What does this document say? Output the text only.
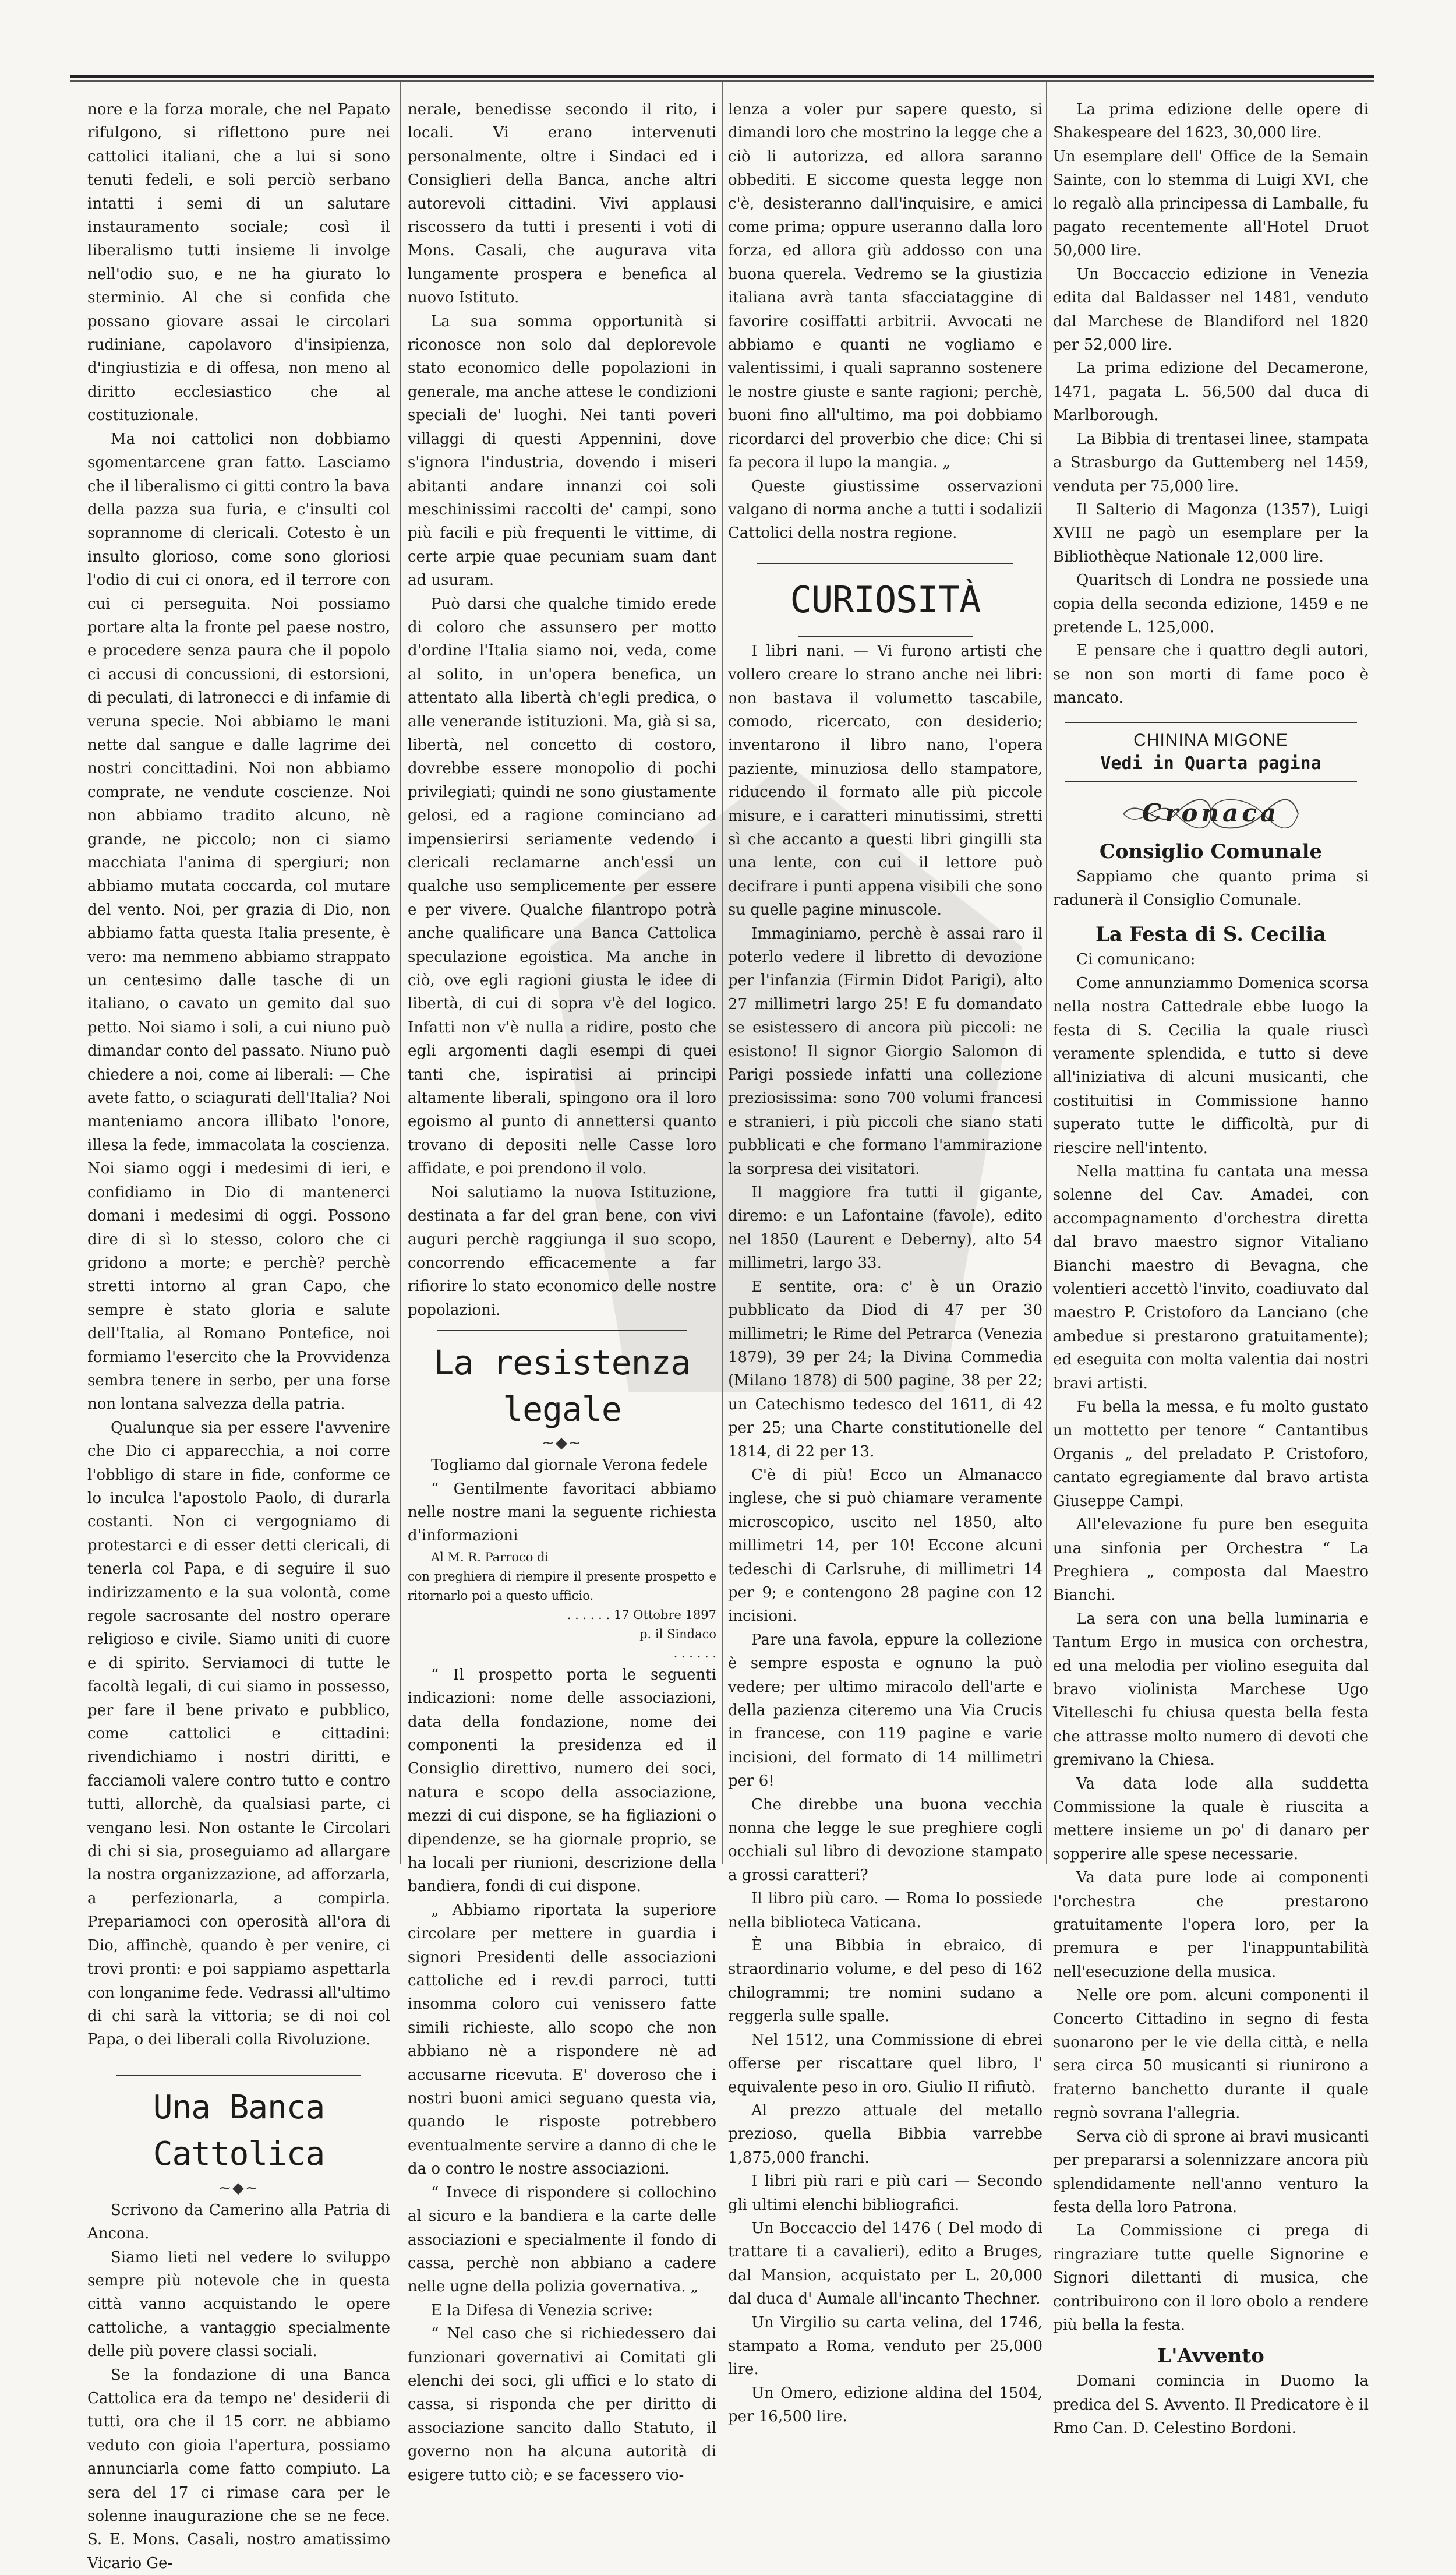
nore e la forza morale, che nel Papato rifulgono, si riflettono pure nei cattolici italiani, che a lui si sono tenuti fedeli, e soli perciò serbano intatti i semi di un salutare instauramento sociale; così il liberalismo tutti insieme li involge nell'odio suo, e ne ha giurato lo sterminio. Al che si confida che possano giovare assai le circolari rudiniane, capolavoro d'insipienza, d'ingiustizia e di offesa, non meno al diritto ecclesiastico che al costituzionale.

Ma noi cattolici non dobbiamo sgomentarcene gran fatto. Lasciamo che il liberalismo ci gitti contro la bava della pazza sua furia, e c'insulti col soprannome di clericali. Cotesto è un insulto glorioso, come sono gloriosi l'odio di cui ci onora, ed il terrore con cui ci perseguita. Noi possiamo portare alta la fronte pel paese nostro, e procedere senza paura che il popolo ci accusi di concussioni, di estorsioni, di peculati, di latronecci e di infamie di veruna specie. Noi abbiamo le mani nette dal sangue e dalle lagrime dei nostri concittadini. Noi non abbiamo comprate, ne vendute coscienze. Noi non abbiamo tradito alcuno, nè grande, ne piccolo; non ci siamo macchiata l'anima di spergiuri; non abbiamo mutata coccarda, col mutare del vento. Noi, per grazia di Dio, non abbiamo fatta questa Italia presente, è vero: ma nemmeno abbiamo strappato un centesimo dalle tasche di un italiano, o cavato un gemito dal suo petto. Noi siamo i soli, a cui niuno può dimandar conto del passato. Niuno può chiedere a noi, come ai liberali: — Che avete fatto, o sciagurati dell'Italia? Noi manteniamo ancora illibato l'onore, illesa la fede, immacolata la coscienza. Noi siamo oggi i medesimi di ieri, e confidiamo in Dio di mantenerci domani i medesimi di oggi. Possono dire di sì lo stesso, coloro che ci gridono a morte; e perchè? perchè stretti intorno al gran Capo, che sempre è stato gloria e salute dell'Italia, al Romano Pontefice, noi formiamo l'esercito che la Provvidenza sembra tenere in serbo, per una forse non lontana salvezza della patria.

Qualunque sia per essere l'avvenire che Dio ci apparecchia, a noi corre l'obbligo di stare in fide, conforme ce lo inculca l'apostolo Paolo, di durarla costanti. Non ci vergogniamo di protestarci e di esser detti clericali, di tenerla col Papa, e di seguire il suo indirizzamento e la sua volontà, come regole sacrosante del nostro operare religioso e civile. Siamo uniti di cuore e di spirito. Serviamoci di tutte le facoltà legali, di cui siamo in possesso, per fare il bene privato e pubblico, come cattolici e cittadini: rivendichiamo i nostri diritti, e facciamoli valere contro tutto e contro tutti, allorchè, da qualsiasi parte, ci vengano lesi. Non ostante le Circolari di chi si sia, proseguiamo ad allargare la nostra organizzazione, ad afforzarla, a perfezionarla, a compirla. Prepariamoci con operosità all'ora di Dio, affinchè, quando è per venire, ci trovi pronti: e poi sappiamo aspettarla con longanime fede. Vedrassi all'ultimo di chi sarà la vittoria; se di noi col Papa, o dei liberali colla Rivoluzione.

Una Banca Cattolica
~◆~

Scrivono da Camerino alla Patria di Ancona.

Siamo lieti nel vedere lo sviluppo sempre più notevole che in questa città vanno acquistando le opere cattoliche, a vantaggio specialmente delle più povere classi sociali.

Se la fondazione di una Banca Cattolica era da tempo ne' desiderii di tutti, ora che il 15 corr. ne abbiamo veduto con gioia l'apertura, possiamo annunciarla come fatto compiuto. La sera del 17 ci rimase cara per le solenne inaugurazione che se ne fece. S. E. Mons. Casali, nostro amatissimo Vicario Ge-

nerale, benedisse secondo il rito, i locali. Vi erano intervenuti personalmente, oltre i Sindaci ed i Consiglieri della Banca, anche altri autorevoli cittadini. Vivi applausi riscossero da tutti i presenti i voti di Mons. Casali, che augurava vita lungamente prospera e benefica al nuovo Istituto.

La sua somma opportunità si riconosce non solo dal deplorevole stato economico delle popolazioni in generale, ma anche attese le condizioni speciali de' luoghi. Nei tanti poveri villaggi di questi Appennini, dove s'ignora l'industria, dovendo i miseri abitanti andare innanzi coi soli meschinissimi raccolti de' campi, sono più facili e più frequenti le vittime, di certe arpie quae pecuniam suam dant ad usuram.

Può darsi che qualche timido erede di coloro che assunsero per motto d'ordine l'Italia siamo noi, veda, come al solito, in un'opera benefica, un attentato alla libertà ch'egli predica, o alle venerande istituzioni. Ma, già si sa, libertà, nel concetto di costoro, dovrebbe essere monopolio di pochi privilegiati; quindi ne sono giustamente gelosi, ed a ragione cominciano ad impensierirsi seriamente vedendo i clericali reclamarne anch'essi un qualche uso semplicemente per essere e per vivere. Qualche filantropo potrà anche qualificare una Banca Cattolica speculazione egoistica. Ma anche in ciò, ove egli ragioni giusta le idee di libertà, di cui di sopra v'è del logico. Infatti non v'è nulla a ridire, posto che egli argomenti dagli esempi di quei tanti che, ispiratisi ai principi altamente liberali, spingono ora il loro egoismo al punto di annettersi quanto trovano di depositi nelle Casse loro affidate, e poi prendono il volo.

Noi salutiamo la nuova Istituzione, destinata a far del gran bene, con vivi auguri perchè raggiunga il suo scopo, concorrendo efficacemente a far rifiorire lo stato economico delle nostre popolazioni.

La resistenza legale
~◆~

Togliamo dal giornale Verona fedele

“ Gentilmente favoritaci abbiamo nelle nostre mani la seguente richiesta d'informazioni

Al M. R. Parroco di

con preghiera di riempire il presente prospetto e ritornarlo poi a questo ufficio.

. . . . . . 17 Ottobre 1897

p. il Sindaco

. . . . . .

“ Il prospetto porta le seguenti indicazioni: nome delle associazioni, data della fondazione, nome dei componenti la presidenza ed il Consiglio direttivo, numero dei soci, natura e scopo della associazione, mezzi di cui dispone, se ha figliazioni o dipendenze, se ha giornale proprio, se ha locali per riunioni, descrizione della bandiera, fondi di cui dispone.

„ Abbiamo riportata la superiore circolare per mettere in guardia i signori Presidenti delle associazioni cattoliche ed i rev.di parroci, tutti insomma coloro cui venissero fatte simili richieste, allo scopo che non abbiano nè a rispondere nè ad accusarne ricevuta. E' doveroso che i nostri buoni amici seguano questa via, quando le risposte potrebbero eventualmente servire a danno di che le da o contro le nostre associazioni.

“ Invece di rispondere si collochino al sicuro e la bandiera e la carte delle associazioni e specialmente il fondo di cassa, perchè non abbiano a cadere nelle ugne della polizia governativa. „

E la Difesa di Venezia scrive:

“ Nel caso che si richiedessero dai funzionari governativi ai Comitati gli elenchi dei soci, gli uffici e lo stato di cassa, si risponda che per diritto di associazione sancito dallo Statuto, il governo non ha alcuna autorità di esigere tutto ciò; e se facessero vio-

lenza a voler pur sapere questo, si dimandi loro che mostrino la legge che a ciò li autorizza, ed allora saranno obbediti. E siccome questa legge non c'è, desisteranno dall'inquisire, e amici come prima; oppure useranno dalla loro forza, ed allora giù addosso con una buona querela. Vedremo se la giustizia italiana avrà tanta sfacciataggine di favorire cosiffatti arbitrii. Avvocati ne abbiamo e quanti ne vogliamo e valentissimi, i quali sapranno sostenere le nostre giuste e sante ragioni; perchè, buoni fino all'ultimo, ma poi dobbiamo ricordarci del proverbio che dice: Chi si fa pecora il lupo la mangia. „

Queste giustissime osservazioni valgano di norma anche a tutti i sodalizii Cattolici della nostra regione.

CURIOSITÀ

I libri nani. — Vi furono artisti che vollero creare lo strano anche nei libri: non bastava il volumetto tascabile, comodo, ricercato, con desiderio; inventarono il libro nano, l'opera paziente, minuziosa dello stampatore, riducendo il formato alle più piccole misure, e i caratteri minutissimi, stretti sì che accanto a questi libri gingilli sta una lente, con cui il lettore può decifrare i punti appena visibili che sono su quelle pagine minuscole.

Immaginiamo, perchè è assai raro il poterlo vedere il libretto di devozione per l'infanzia (Firmin Didot Parigi), alto 27 millimetri largo 25! E fu domandato se esistessero di ancora più piccoli: ne esistono! Il signor Giorgio Salomon di Parigi possiede infatti una collezione preziosissima: sono 700 volumi francesi e stranieri, i più piccoli che siano stati pubblicati e che formano l'ammirazione la sorpresa dei visitatori.

Il maggiore fra tutti il gigante, diremo: e un Lafontaine (favole), edito nel 1850 (Laurent e Deberny), alto 54 millimetri, largo 33.

E sentite, ora: c' è un Orazio pubblicato da Diod di 47 per 30 millimetri; le Rime del Petrarca (Venezia 1879), 39 per 24; la Divina Commedia (Milano 1878) di 500 pagine, 38 per 22; un Catechismo tedesco del 1611, di 42 per 25; una Charte constitutionelle del 1814, di 22 per 13.

C'è di più! Ecco un Almanacco inglese, che si può chiamare veramente microscopico, uscito nel 1850, alto millimetri 14, per 10! Eccone alcuni tedeschi di Carlsruhe, di millimetri 14 per 9; e contengono 28 pagine con 12 incisioni.

Pare una favola, eppure la collezione è sempre esposta e ognuno la può vedere; per ultimo miracolo dell'arte e della pazienza citeremo una Via Crucis in francese, con 119 pagine e varie incisioni, del formato di 14 millimetri per 6!

Che direbbe una buona vecchia nonna che legge le sue preghiere cogli occhiali sul libro di devozione stampato a grossi caratteri?

Il libro più caro. — Roma lo possiede nella biblioteca Vaticana.

È una Bibbia in ebraico, di straordinario volume, e del peso di 162 chilogrammi; tre nomini sudano a reggerla sulle spalle.

Nel 1512, una Commissione di ebrei offerse per riscattare quel libro, l' equivalente peso in oro. Giulio II rifiutò.

Al prezzo attuale del metallo prezioso, quella Bibbia varrebbe 1,875,000 franchi.

I libri più rari e più cari — Secondo gli ultimi elenchi bibliografici.

Un Boccaccio del 1476 ( Del modo di trattare ti a cavalieri), edito a Bruges, dal Mansion, acquistato per L. 20,000 dal duca d' Aumale all'incanto Thechner.

Un Virgilio su carta velina, del 1746, stampato a Roma, venduto per 25,000 lire.

Un Omero, edizione aldina del 1504, per 16,500 lire.

La prima edizione delle opere di Shakespeare del 1623, 30,000 lire.

Un esemplare dell' Office de la Semain Sainte, con lo stemma di Luigi XVI, che lo regalò alla principessa di Lamballe, fu pagato recentemente all'Hotel Druot 50,000 lire.

Un Boccaccio edizione in Venezia edita dal Baldasser nel 1481, venduto dal Marchese de Blandiford nel 1820 per 52,000 lire.

La prima edizione del Decamerone, 1471, pagata L. 56,500 dal duca di Marlborough.

La Bibbia di trentasei linee, stampata a Strasburgo da Guttemberg nel 1459, venduta per 75,000 lire.

Il Salterio di Magonza (1357), Luigi XVIII ne pagò un esemplare per la Bibliothèque Nationale 12,000 lire.

Quaritsch di Londra ne possiede una copia della seconda edizione, 1459 e ne pretende L. 125,000.

E pensare che i quattro degli autori, se non son morti di fame poco è mancato.

CHININA MIGONE
Vedi in Quarta pagina
Cronaca
Consiglio Comunale

Sappiamo che quanto prima si radunerà il Consiglio Comunale.

La Festa di S. Cecilia

Ci comunicano:

Come annunziammo Domenica scorsa nella nostra Cattedrale ebbe luogo la festa di S. Cecilia la quale riuscì veramente splendida, e tutto si deve all'iniziativa di alcuni musicanti, che costituitisi in Commissione hanno superato tutte le difficoltà, pur di riescire nell'intento.

Nella mattina fu cantata una messa solenne del Cav. Amadei, con accompagnamento d'orchestra diretta dal bravo maestro signor Vitaliano Bianchi maestro di Bevagna, che volentieri accettò l'invito, coadiuvato dal maestro P. Cristoforo da Lanciano (che ambedue si prestarono gratuitamente); ed eseguita con molta valentia dai nostri bravi artisti.

Fu bella la messa, e fu molto gustato un mottetto per tenore “ Cantantibus Organis „ del preladato P. Cristoforo, cantato egregiamente dal bravo artista Giuseppe Campi.

All'elevazione fu pure ben eseguita una sinfonia per Orchestra “ La Preghiera „ composta dal Maestro Bianchi.

La sera con una bella luminaria e Tantum Ergo in musica con orchestra, ed una melodia per violino eseguita dal bravo violinista Marchese Ugo Vitelleschi fu chiusa questa bella festa che attrasse molto numero di devoti che gremivano la Chiesa.

Va data lode alla suddetta Commissione la quale è riuscita a mettere insieme un po' di danaro per sopperire alle spese necessarie.

Va data pure lode ai componenti l'orchestra che prestarono gratuitamente l'opera loro, per la premura e per l'inappuntabilità nell'esecuzione della musica.

Nelle ore pom. alcuni componenti il Concerto Cittadino in segno di festa suonarono per le vie della città, e nella sera circa 50 musicanti si riunirono a fraterno banchetto durante il quale regnò sovrana l'allegria.

Serva ciò di sprone ai bravi musicanti per prepararsi a solennizzare ancora più splendidamente nell'anno venturo la festa della loro Patrona.

La Commissione ci prega di ringraziare tutte quelle Signorine e Signori dilettanti di musica, che contribuirono con il loro obolo a rendere più bella la festa.

L'Avvento

Domani comincia in Duomo la predica del S. Avvento. Il Predicatore è il Rmo Can. D. Celestino Bordoni.
